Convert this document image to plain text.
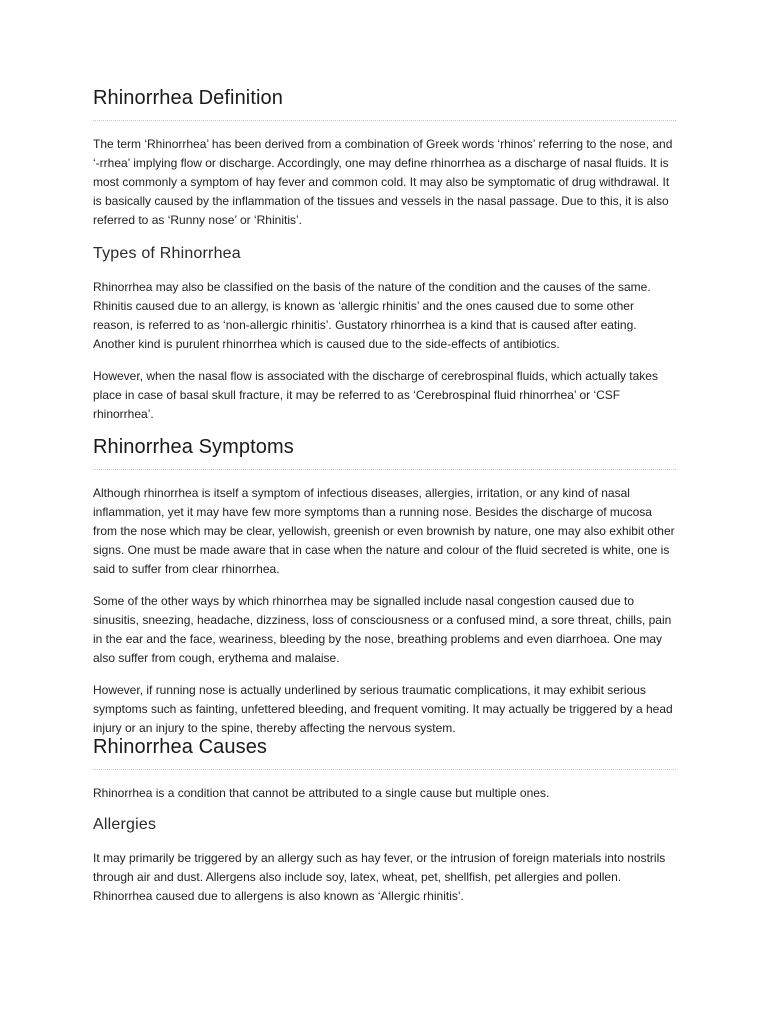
Rhinorrhea Definition

The term ‘Rhinorrhea’ has been derived from a combination of Greek words ‘rhinos’ referring to the nose, and ‘-rrhea’ implying flow or discharge. Accordingly, one may define rhinorrhea as a discharge of nasal fluids. It is most commonly a symptom of hay fever and common cold. It may also be symptomatic of drug withdrawal. It is basically caused by the inflammation of the tissues and vessels in the nasal passage. Due to this, it is also referred to as ‘Runny nose’ or ‘Rhinitis’.

Types of Rhinorrhea

Rhinorrhea may also be classified on the basis of the nature of the condition and the causes of the same. Rhinitis caused due to an allergy, is known as ‘allergic rhinitis’ and the ones caused due to some other reason, is referred to as ‘non-allergic rhinitis’. Gustatory rhinorrhea is a kind that is caused after eating. Another kind is purulent rhinorrhea which is caused due to the side-effects of antibiotics.

However, when the nasal flow is associated with the discharge of cerebrospinal fluids, which actually takes place in case of basal skull fracture, it may be referred to as ‘Cerebrospinal fluid rhinorrhea’ or ‘CSF rhinorrhea’.

Rhinorrhea Symptoms

Although rhinorrhea is itself a symptom of infectious diseases, allergies, irritation, or any kind of nasal inflammation, yet it may have few more symptoms than a running nose. Besides the discharge of mucosa from the nose which may be clear, yellowish, greenish or even brownish by nature, one may also exhibit other signs. One must be made aware that in case when the nature and colour of the fluid secreted is white, one is said to suffer from clear rhinorrhea.

Some of the other ways by which rhinorrhea may be signalled include nasal congestion caused due to sinusitis, sneezing, headache, dizziness, loss of consciousness or a confused mind, a sore threat, chills, pain in the ear and the face, weariness, bleeding by the nose, breathing problems and even diarrhoea. One may also suffer from cough, erythema and malaise.

However, if running nose is actually underlined by serious traumatic complications, it may exhibit serious symptoms such as fainting, unfettered bleeding, and frequent vomiting. It may actually be triggered by a head injury or an injury to the spine, thereby affecting the nervous system.

Rhinorrhea Causes

Rhinorrhea is a condition that cannot be attributed to a single cause but multiple ones.

Allergies

It may primarily be triggered by an allergy such as hay fever, or the intrusion of foreign materials into nostrils through air and dust. Allergens also include soy, latex, wheat, pet, shellfish, pet allergies and pollen. Rhinorrhea caused due to allergens is also known as ‘Allergic rhinitis’.
